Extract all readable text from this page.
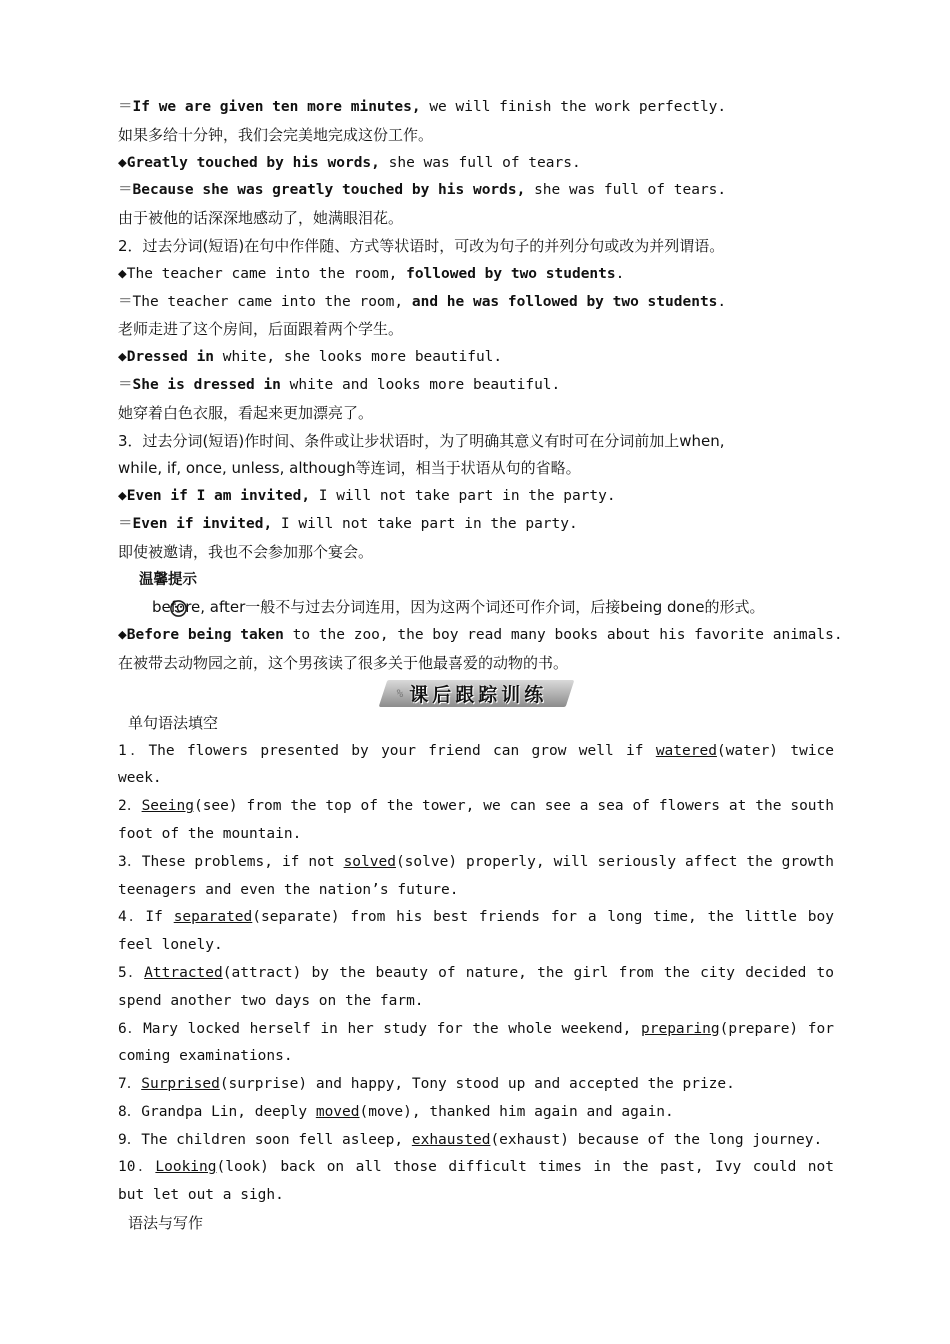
＝If we are given ten more minutes, we will finish the work perfectly.
如果多给十分钟，我们会完美地完成这份工作。
◆Greatly touched by his words, she was full of tears.
＝Because she was greatly touched by his words, she was full of tears.
由于被他的话深深地感动了，她满眼泪花。
2．过去分词(短语)在句中作伴随、方式等状语时，可改为句子的并列分句或改为并列谓语。
◆The teacher came into the room, followed by two students.
＝The teacher came into the room, and he was followed by two students.
老师走进了这个房间，后面跟着两个学生。
◆Dressed in white, she looks more beautiful.
＝She is dressed in white and looks more beautiful.
她穿着白色衣服，看起来更加漂亮了。
3．过去分词(短语)作时间、条件或让步状语时，为了明确其意义有时可在分词前加上when,
while, if, once, unless, although等连词，相当于状语从句的省略。
◆Even if I am invited, I will not take part in the party.
＝Even if invited, I will not take part in the party.
即使被邀请，我也不会参加那个宴会。

温馨提示
before, after一般不与过去分词连用，因为这两个词还可作介词，后接being done的形式。
◆Before being taken to the zoo, the boy read many books about his favorite animals.
在被带去动物园之前，这个男孩读了很多关于他最喜爱的动物的书。
% 课后跟踪训练
单句语法填空
1．The flowers presented by your friend can grow well if watered(water) twice
week.
2．Seeing(see) from the top of the tower, we can see a sea of flowers at the south
foot of the mountain.
3．These problems, if not solved(solve) properly, will seriously affect the growth
teenagers and even the nation’s future.
4．If separated(separate) from his best friends for a long time, the little boy
feel lonely.
5．Attracted(attract) by the beauty of nature, the girl from the city decided to
spend another two days on the farm.
6．Mary locked herself in her study for the whole weekend, preparing(prepare) for
coming examinations.
7．Surprised(surprise) and happy, Tony stood up and accepted the prize.
8．Grandpa Lin, deeply moved(move), thanked him again and again.
9．The children soon fell asleep, exhausted(exhaust) because of the long journey.
10．Looking(look) back on all those difficult times in the past, Ivy could not
but let out a sigh.
语法与写作
